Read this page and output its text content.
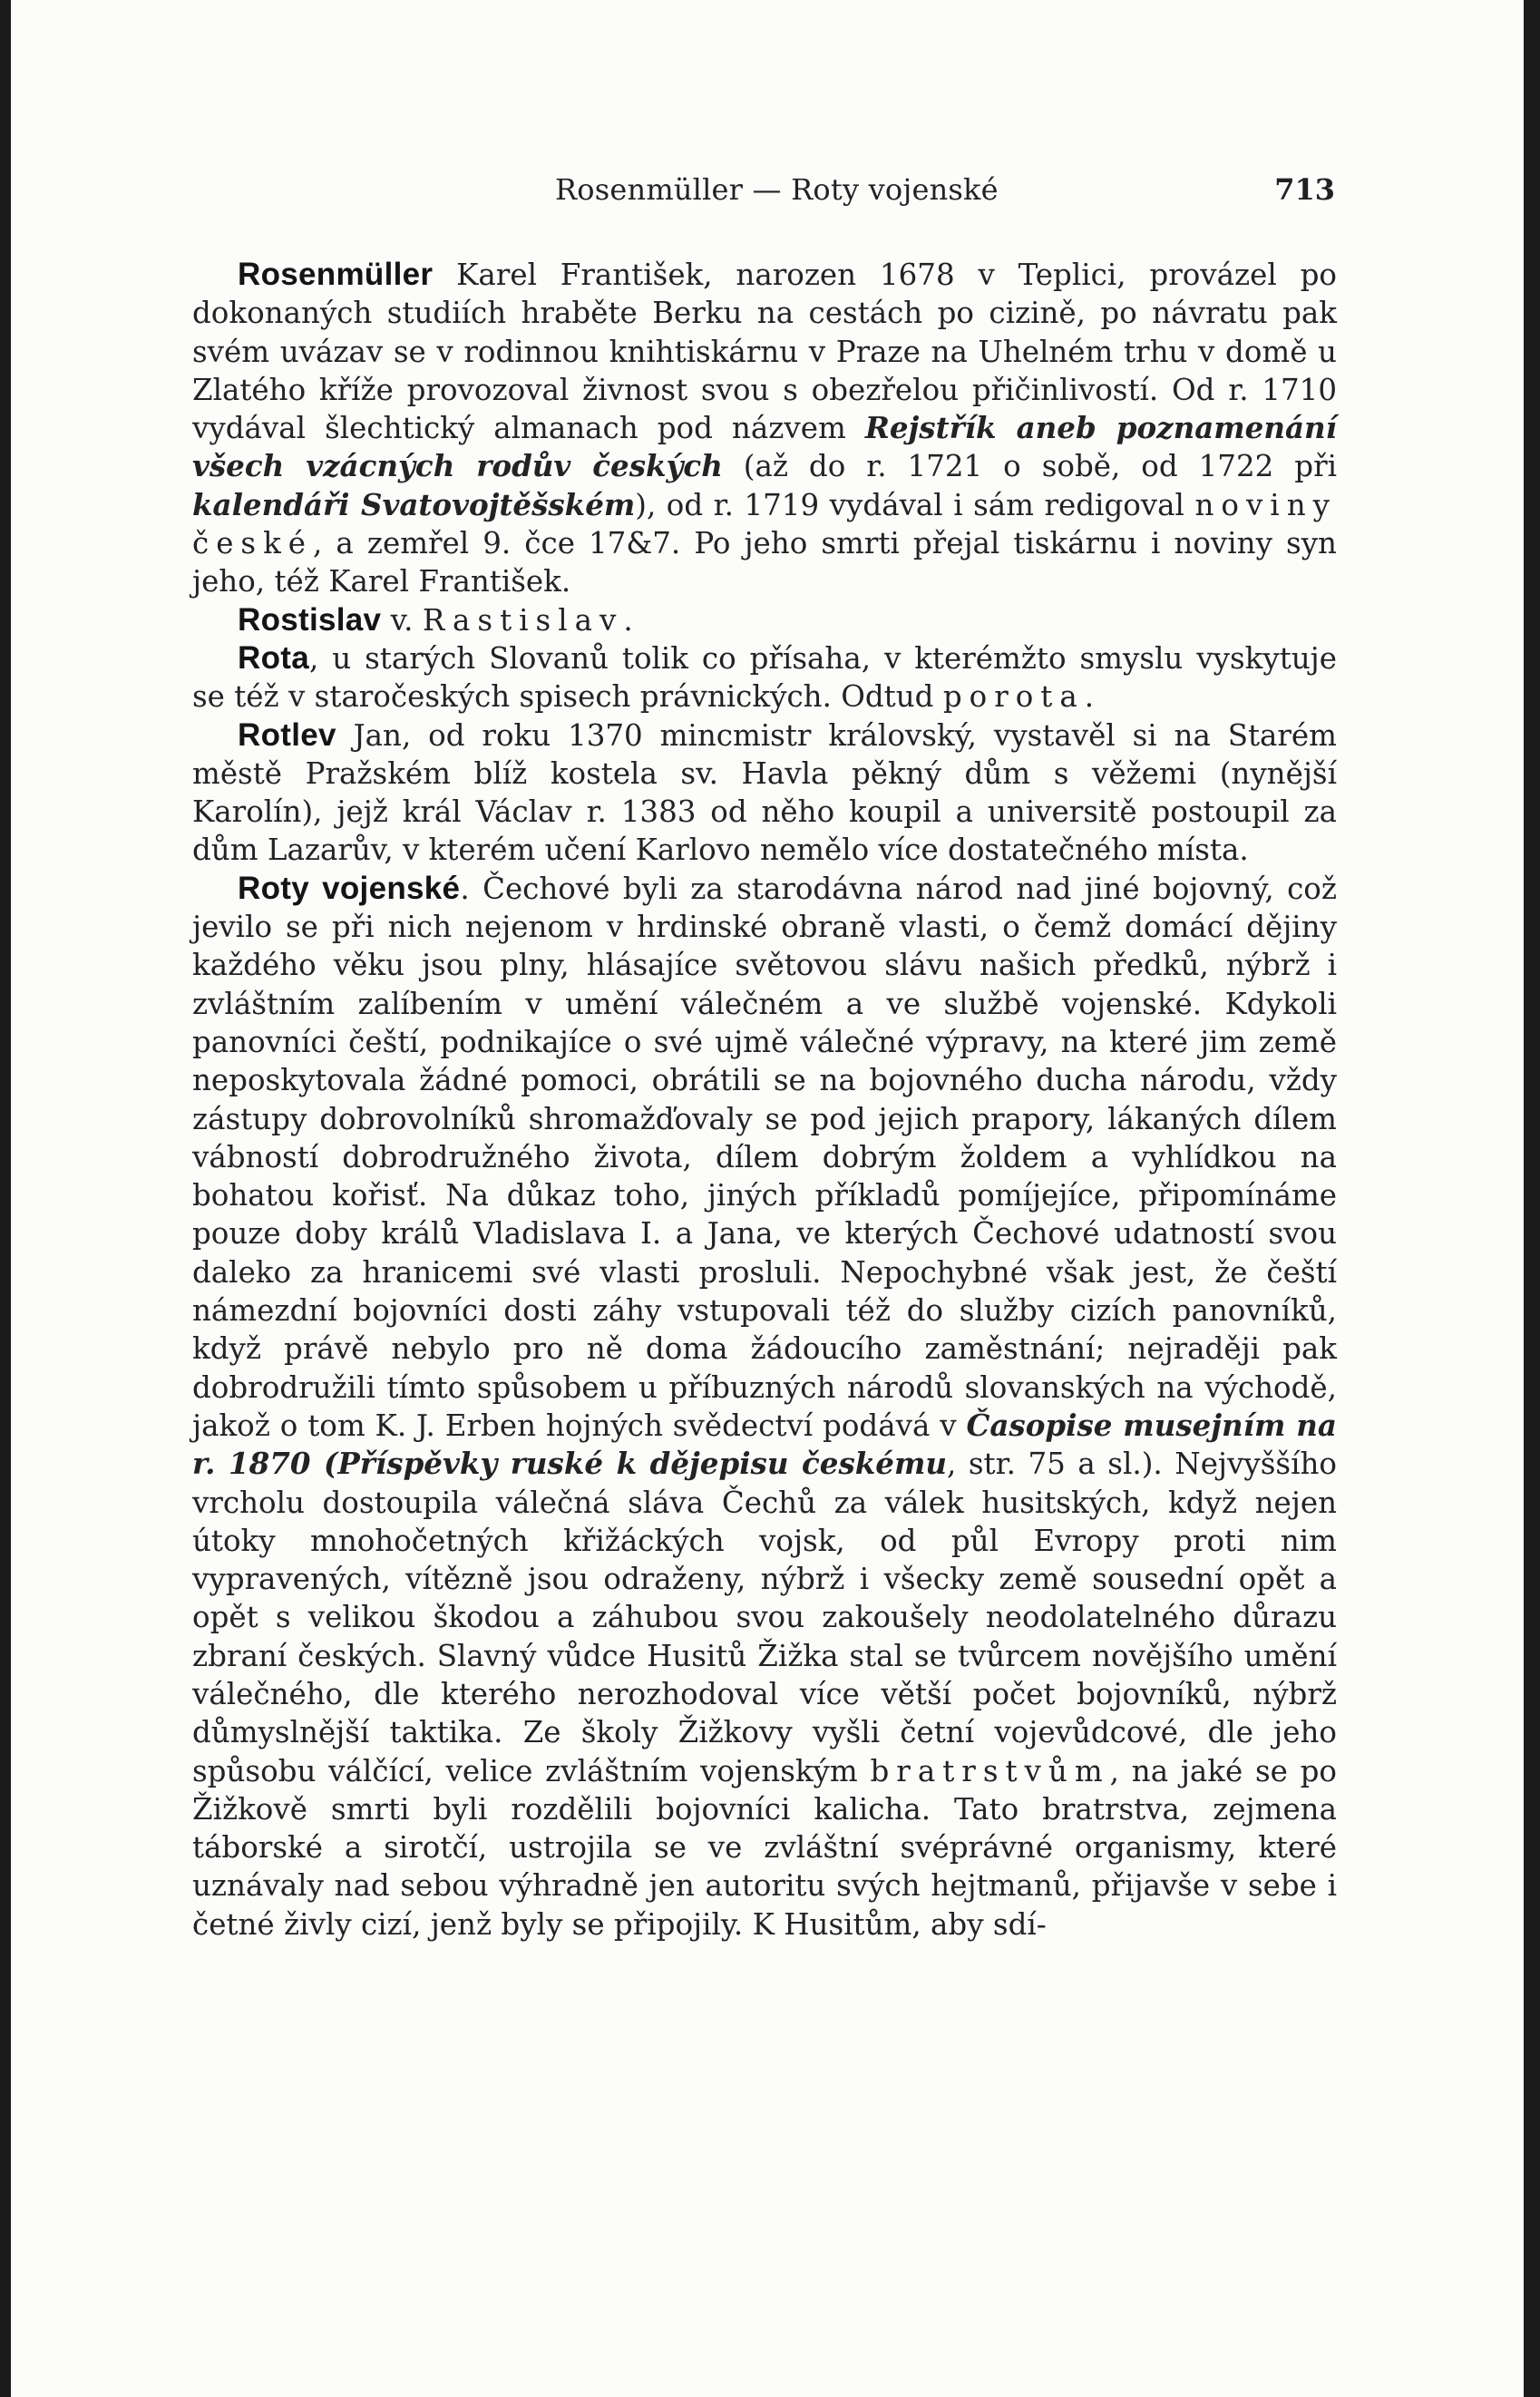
Rosenmüller — Roty vojenské	713

Rosenmüller Karel František, narozen 1678 v Teplici, provázel po dokonaných studiích hraběte Berku na cestách po cizině, po návratu pak svém uvázav se v rodinnou knihtiskárnu v Praze na Uhelném trhu v domě u Zlatého kříže provozoval živnost svou s obezřelou přičinlivostí. Od r. 1710 vydával šlechtický almanach pod názvem Rejstřík aneb poznamenání všech vzácných rodův českých (až do r. 1721 o sobě, od 1722 při kalendáři Svatovojtěšském), od r. 1719 vydával i sám redigoval noviny české, a zemřel 9. čce 17&7. Po jeho smrti přejal tiskárnu i noviny syn jeho, též Karel František.

Rostislav v. Rastislav.

Rota, u starých Slovanů tolik co přísaha, v kterémžto smyslu vyskytuje se též v staročeských spisech právnických. Odtud porota.

Rotlev Jan, od roku 1370 mincmistr královský, vystavěl si na Starém městě Pražském blíž kostela sv. Havla pěkný dům s věžemi (nynější Karolín), jejž král Václav r. 1383 od něho koupil a universitě postoupil za dům Lazarův, v kterém učení Karlovo nemělo více dostatečného místa.

Roty vojenské. Čechové byli za starodávna národ nad jiné bojovný, což jevilo se při nich nejenom v hrdinské obraně vlasti, o čemž domácí dějiny každého věku jsou plny, hlásajíce světovou slávu našich předků, nýbrž i zvláštním zalíbením v umění válečném a ve službě vojenské. Kdykoli panovníci čeští, podnikajíce o své ujmě válečné výpravy, na které jim země neposkytovala žádné pomoci, obrátili se na bojovného ducha národu, vždy zástupy dobrovolníků shromažďovaly se pod jejich prapory, lákaných dílem vábností dobrodružného života, dílem dobrým žoldem a vyhlídkou na bohatou kořisť. Na důkaz toho, jiných příkladů pomíjejíce, připomínáme pouze doby králů Vladislava I. a Jana, ve kterých Čechové udatností svou daleko za hranicemi své vlasti prosluli. Nepochybné však jest, že čeští námezdní bojovníci dosti záhy vstupovali též do služby cizích panovníků, když právě nebylo pro ně doma žádoucího zaměstnání; nejraději pak dobrodružili tímto spůsobem u příbuzných národů slovanských na východě, jakož o tom K. J. Erben hojných svědectví podává v Časopise musejním na r. 1870 (Příspěvky ruské k dějepisu českému, str. 75 a sl.). Nejvyššího vrcholu dostoupila válečná sláva Čechů za válek husitských, když nejen útoky mnohočetných křižáckých vojsk, od půl Evropy proti nim vypravených, vítězně jsou odraženy, nýbrž i všecky země sousední opět a opět s velikou škodou a záhubou svou zakoušely neodolatelného důrazu zbraní českých. Slavný vůdce Husitů Žižka stal se tvůrcem novějšího umění válečného, dle kterého nerozhodoval více větší počet bojovníků, nýbrž důmyslnější taktika. Ze školy Žižkovy vyšli četní vojevůdcové, dle jeho spůsobu válčící, velice zvláštním vojenským bratrstvům, na jaké se po Žižkově smrti byli rozdělili bojovníci kalicha. Tato bratrstva, zejmena táborské a sirotčí, ustrojila se ve zvláštní svéprávné organismy, které uznávaly nad sebou výhradně jen autoritu svých hejtmanů, přijavše v sebe i četné živly cizí, jenž byly se připojily. K Husitům, aby sdí-
